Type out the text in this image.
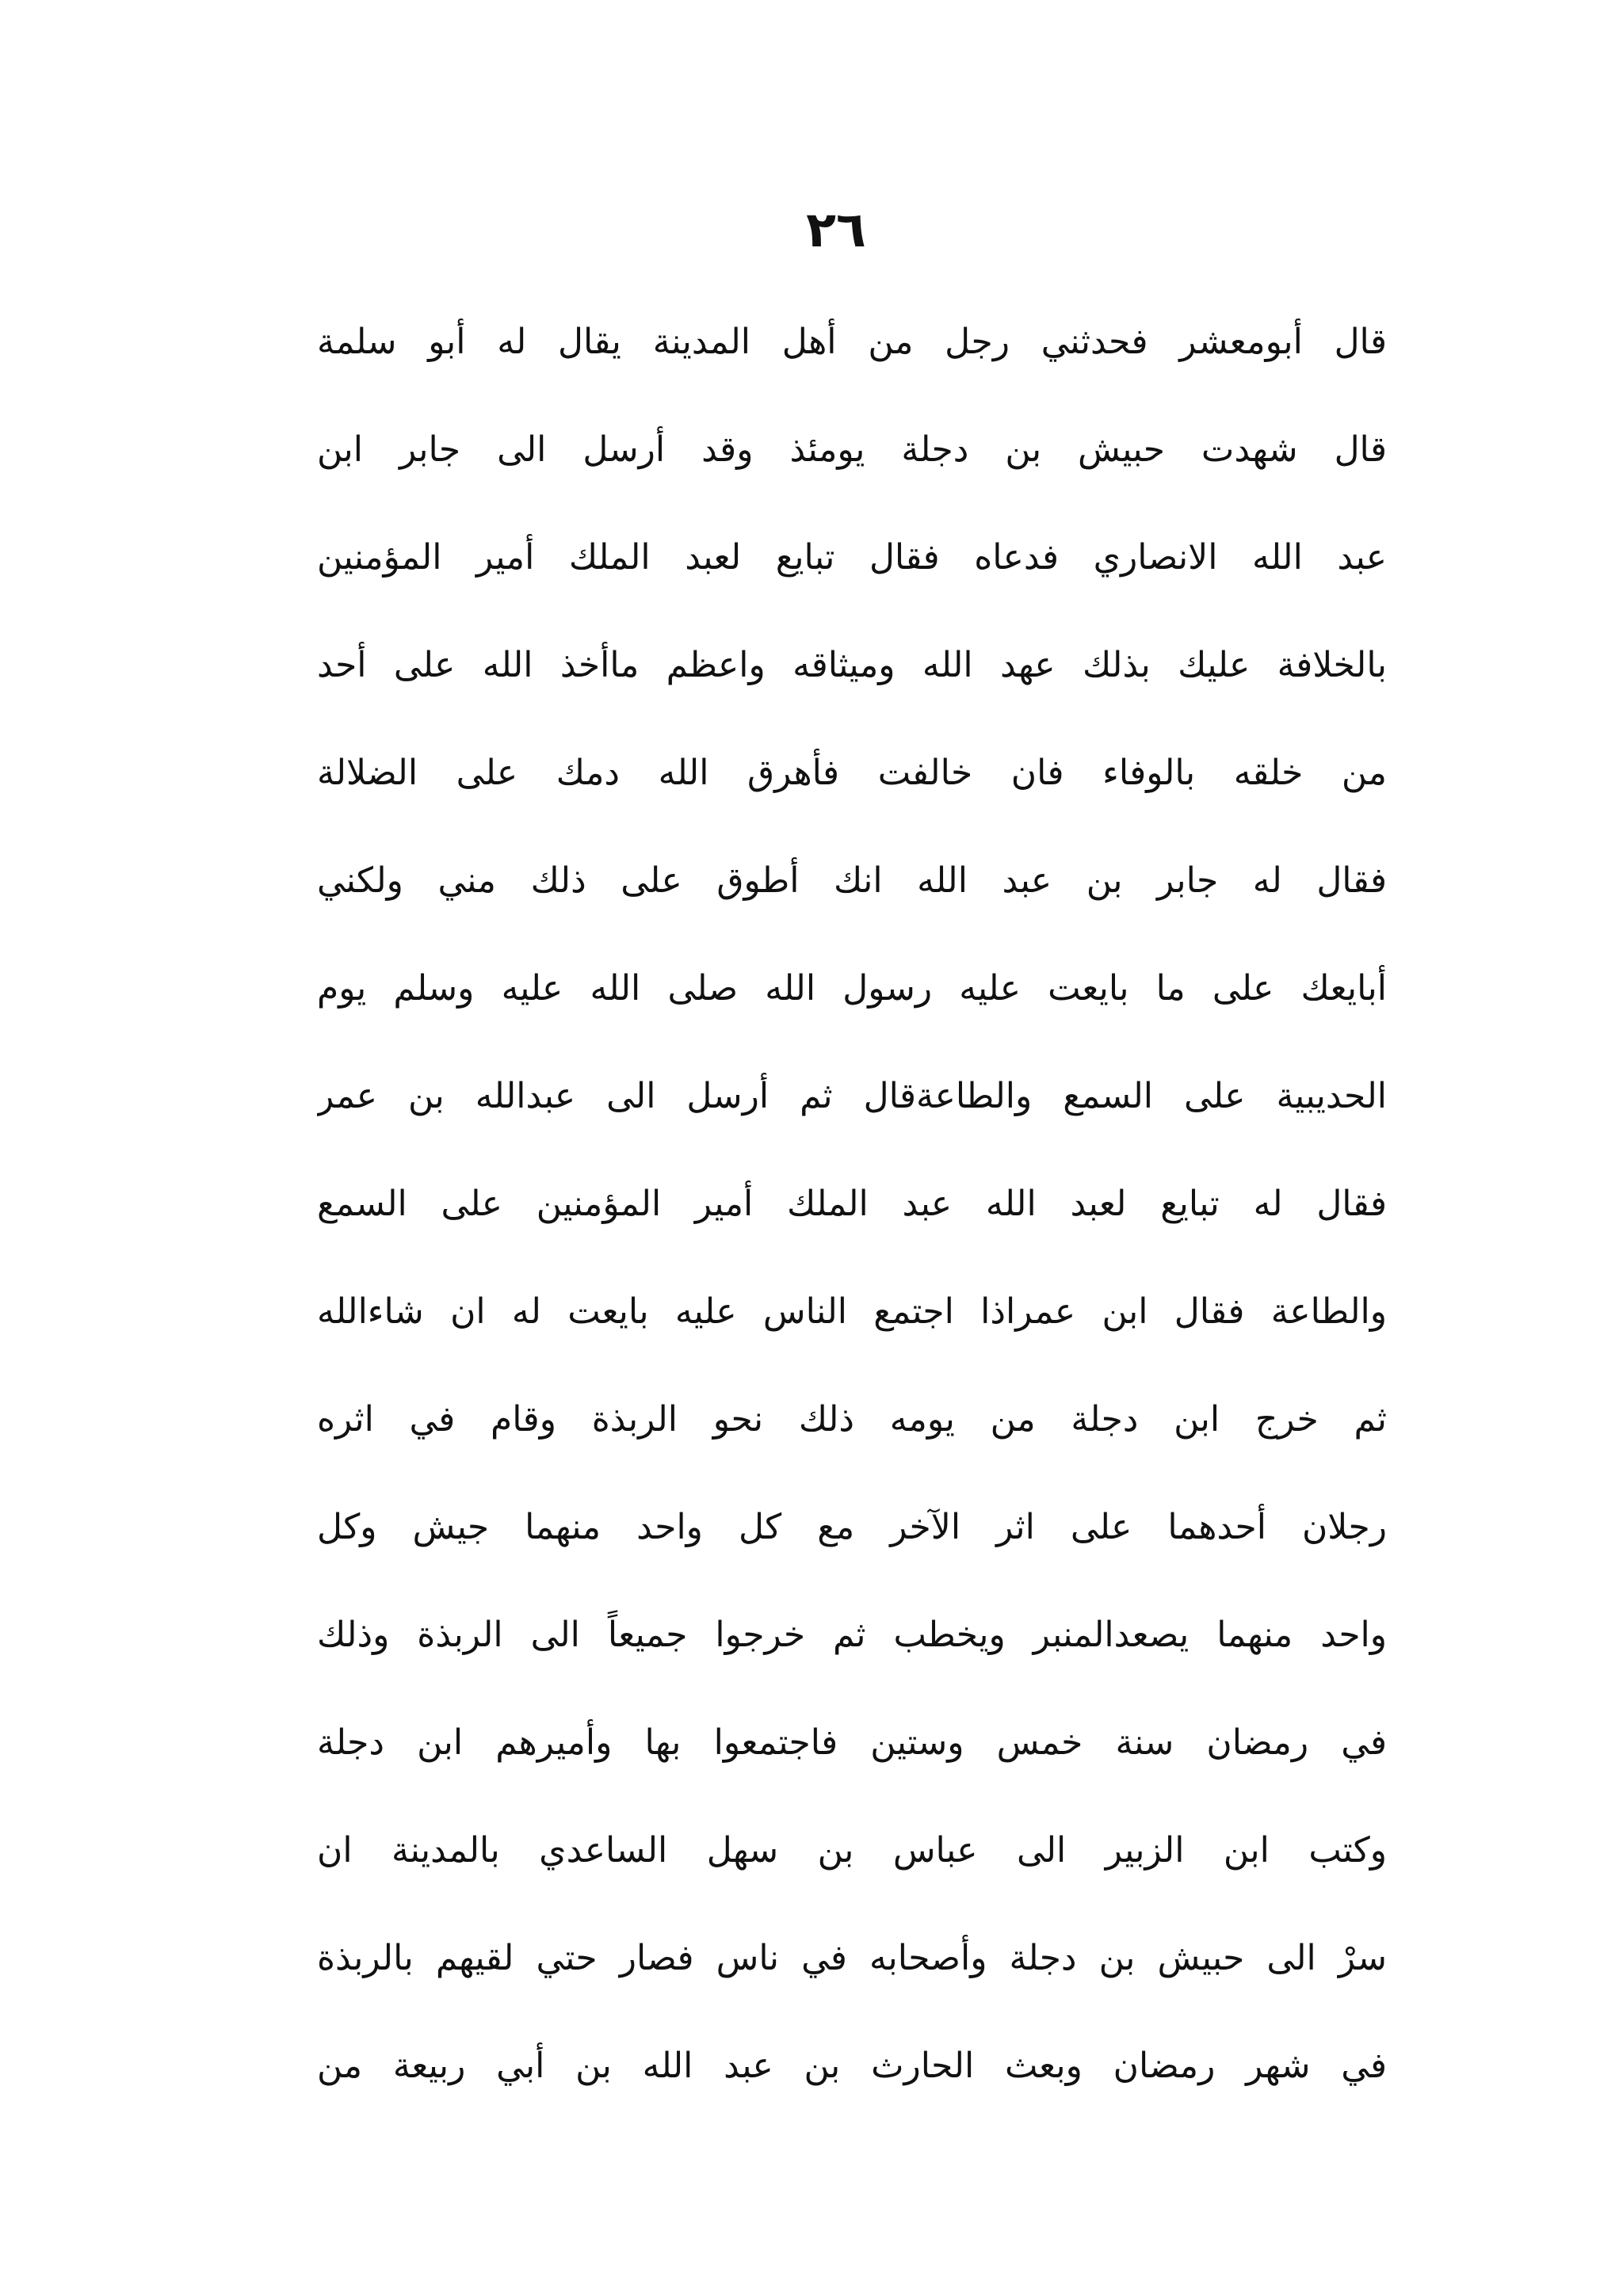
٢٦
قال أبومعشر فحدثني رجل من أهل المدينة يقال له أبو سلمة
قال شهدت حبيش بن دجلة يومئذ وقد أرسل الى جابر ابن
عبد الله الانصاري فدعاه فقال تبايع لعبد الملك أمير المؤمنين
بالخلافة عليك بذلك عهد الله وميثاقه واعظم ماأخذ الله على أحد
من خلقه بالوفاء فان خالفت فأهرق الله دمك على الضلالة
فقال له جابر بن عبد الله انك أطوق على ذلك مني ولكني
أبايعك على ما بايعت عليه رسول الله صلى الله عليه وسلم يوم
الحديبية على السمع والطاعةقال ثم أرسل الى عبدالله بن عمر
فقال له تبايع لعبد الله عبد الملك أمير المؤمنين على السمع
والطاعة فقال ابن عمراذا اجتمع الناس عليه بايعت له ان شاءالله
ثم خرج ابن دجلة من يومه ذلك نحو الربذة وقام في اثره
رجلان أحدهما على اثر الآخر مع كل واحد منهما جيش وكل
واحد منهما يصعدالمنبر ويخطب ثم خرجوا جميعاً الى الربذة وذلك
في رمضان سنة خمس وستين فاجتمعوا بها وأميرهم ابن دجلة
وكتب ابن الزبير الى عباس بن سهل الساعدي بالمدينة ان
سرْ الى حبيش بن دجلة وأصحابه في ناس فصار حتي لقيهم بالربذة
في شهر رمضان وبعث الحارث بن عبد الله بن أبي ربيعة من
